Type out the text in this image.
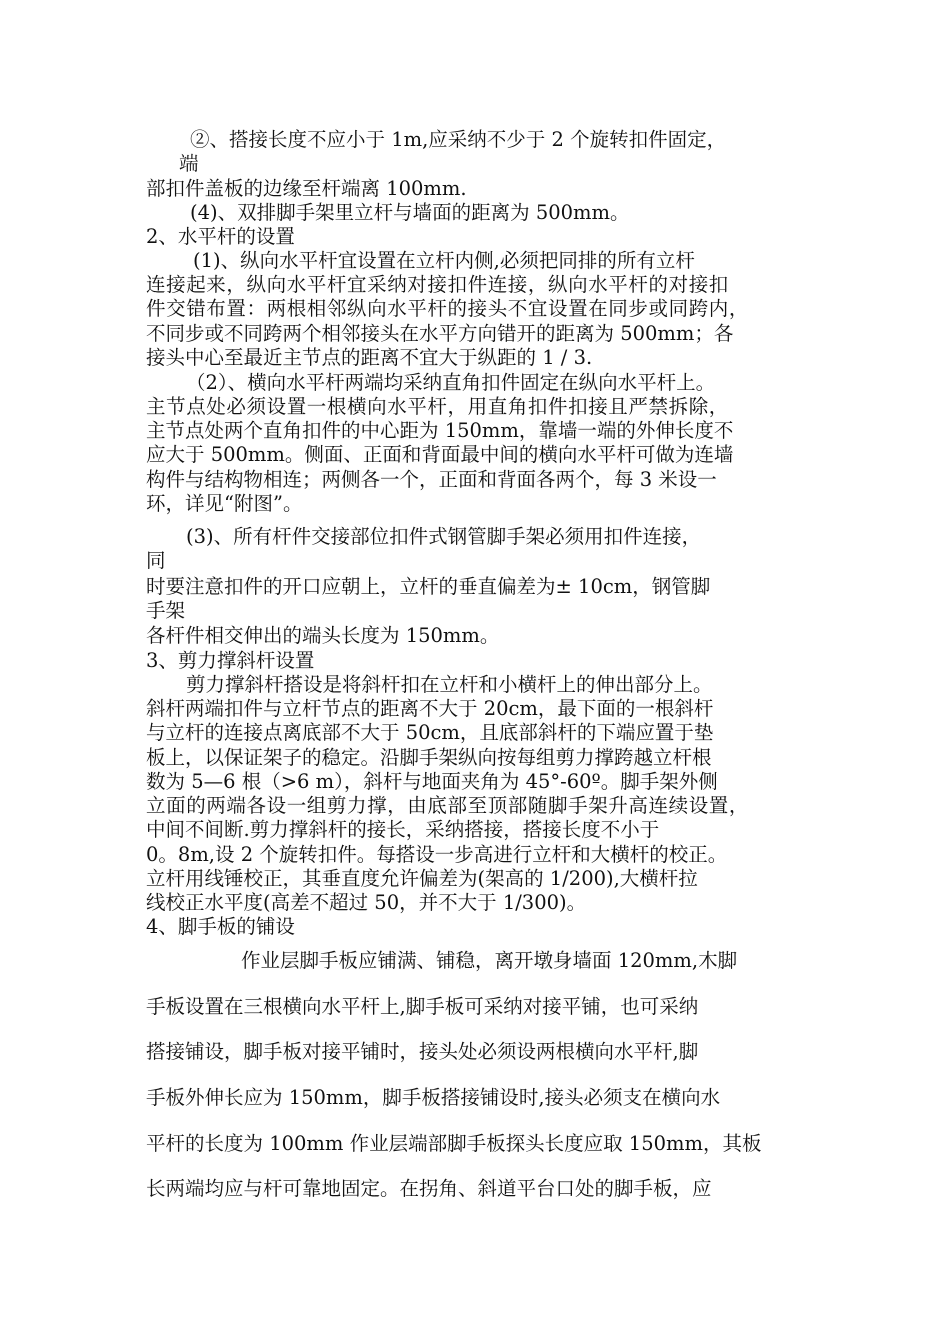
②、搭接长度不应小于 1m,应采纳不少于 2 个旋转扣件固定，
端
部扣件盖板的边缘至杆端离 100mm.
(4)、双排脚手架里立杆与墙面的距离为 500mm。
2、水平杆的设置
(1)、纵向水平杆宜设置在立杆内侧,必须把同排的所有立杆
连接起来，纵向水平杆宜采纳对接扣件连接，纵向水平杆的对接扣
件交错布置：两根相邻纵向水平杆的接头不宜设置在同步或同跨内，
不同步或不同跨两个相邻接头在水平方向错开的距离为 500mm；各
接头中心至最近主节点的距离不宜大于纵距的 1 / 3.
（2）、横向水平杆两端均采纳直角扣件固定在纵向水平杆上。
主节点处必须设置一根横向水平杆，用直角扣件扣接且严禁拆除，
主节点处两个直角扣件的中心距为 150mm，靠墙一端的外伸长度不
应大于 500mm。侧面、正面和背面最中间的横向水平杆可做为连墙
构件与结构物相连；两侧各一个，正面和背面各两个，每 3 米设一
环，详见“附图”。
(3)、所有杆件交接部位扣件式钢管脚手架必须用扣件连接，
同
时要注意扣件的开口应朝上，立杆的垂直偏差为± 10cm，钢管脚
手架
各杆件相交伸出的端头长度为 150mm。
3、剪力撑斜杆设置
剪力撑斜杆搭设是将斜杆扣在立杆和小横杆上的伸出部分上。
斜杆两端扣件与立杆节点的距离不大于 20cm，最下面的一根斜杆
与立杆的连接点离底部不大于 50cm，且底部斜杆的下端应置于垫
板上，以保证架子的稳定。沿脚手架纵向按每组剪力撑跨越立杆根
数为 5—6 根（>6 m），斜杆与地面夹角为 45°-60º。脚手架外侧
立面的两端各设一组剪力撑，由底部至顶部随脚手架升高连续设置，
中间不间断.剪力撑斜杆的接长，采纳搭接，搭接长度不小于
0。8m,设 2 个旋转扣件。每搭设一步高进行立杆和大横杆的校正。
立杆用线锤校正，其垂直度允许偏差为(架高的 1/200),大横杆拉
线校正水平度(高差不超过 50，并不大于 1/300)。
4、脚手板的铺设
作业层脚手板应铺满、铺稳，离开墩身墙面 120mm,木脚
手板设置在三根横向水平杆上,脚手板可采纳对接平铺，也可采纳
搭接铺设，脚手板对接平铺时，接头处必须设两根横向水平杆,脚
手板外伸长应为 150mm，脚手板搭接铺设时,接头必须支在横向水
平杆的长度为 100mm 作业层端部脚手板探头长度应取 150mm，其板
长两端均应与杆可靠地固定。在拐角、斜道平台口处的脚手板，应
